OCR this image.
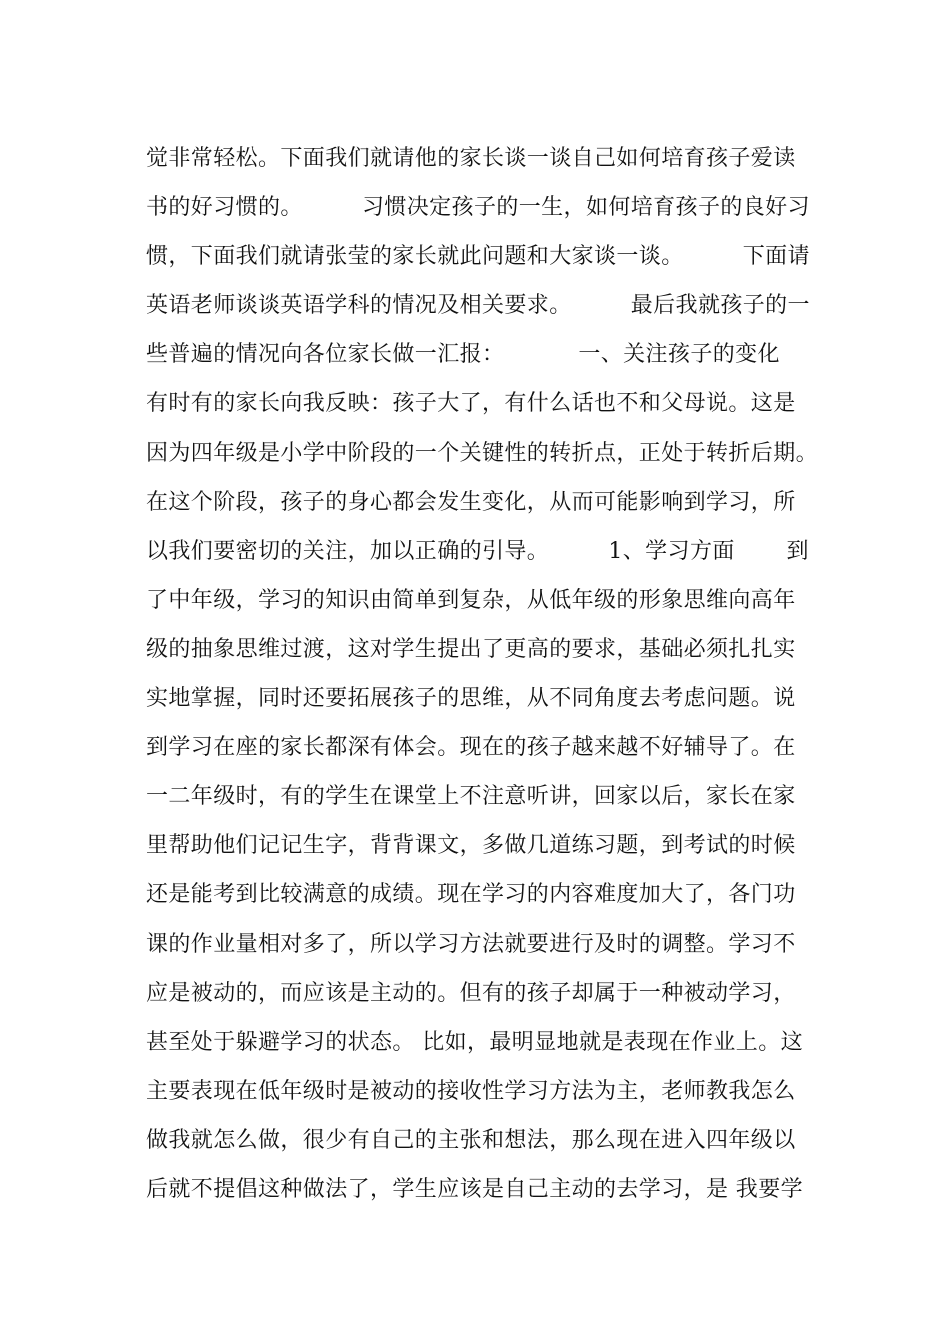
觉非常轻松。下面我们就请他的家长谈一谈自己如何培育孩子爱读
书的好习惯的。        习惯决定孩子的一生，如何培育孩子的良好习
惯，下面我们就请张莹的家长就此问题和大家谈一谈。        下面请
英语老师谈谈英语学科的情况及相关要求。        最后我就孩子的一
些普遍的情况向各位家长做一汇报：          一、关注孩子的变化
有时有的家长向我反映：孩子大了，有什么话也不和父母说。这是
因为四年级是小学中阶段的一个关键性的转折点，正处于转折后期。
在这个阶段，孩子的身心都会发生变化，从而可能影响到学习，所
以我们要密切的关注，加以正确的引导。        1、学习方面       到
了中年级，学习的知识由简单到复杂，从低年级的形象思维向高年
级的抽象思维过渡，这对学生提出了更高的要求，基础必须扎扎实
实地掌握，同时还要拓展孩子的思维，从不同角度去考虑问题。说
到学习在座的家长都深有体会。现在的孩子越来越不好辅导了。在
一二年级时，有的学生在课堂上不注意听讲，回家以后，家长在家
里帮助他们记记生字，背背课文，多做几道练习题，到考试的时候
还是能考到比较满意的成绩。现在学习的内容难度加大了，各门功
课的作业量相对多了，所以学习方法就要进行及时的调整。学习不
应是被动的，而应该是主动的。但有的孩子却属于一种被动学习，
甚至处于躲避学习的状态。 比如，最明显地就是表现在作业上。这
主要表现在低年级时是被动的接收性学习方法为主，老师教我怎么
做我就怎么做，很少有自己的主张和想法，那么现在进入四年级以
后就不提倡这种做法了，学生应该是自己主动的去学习，是 我要学
